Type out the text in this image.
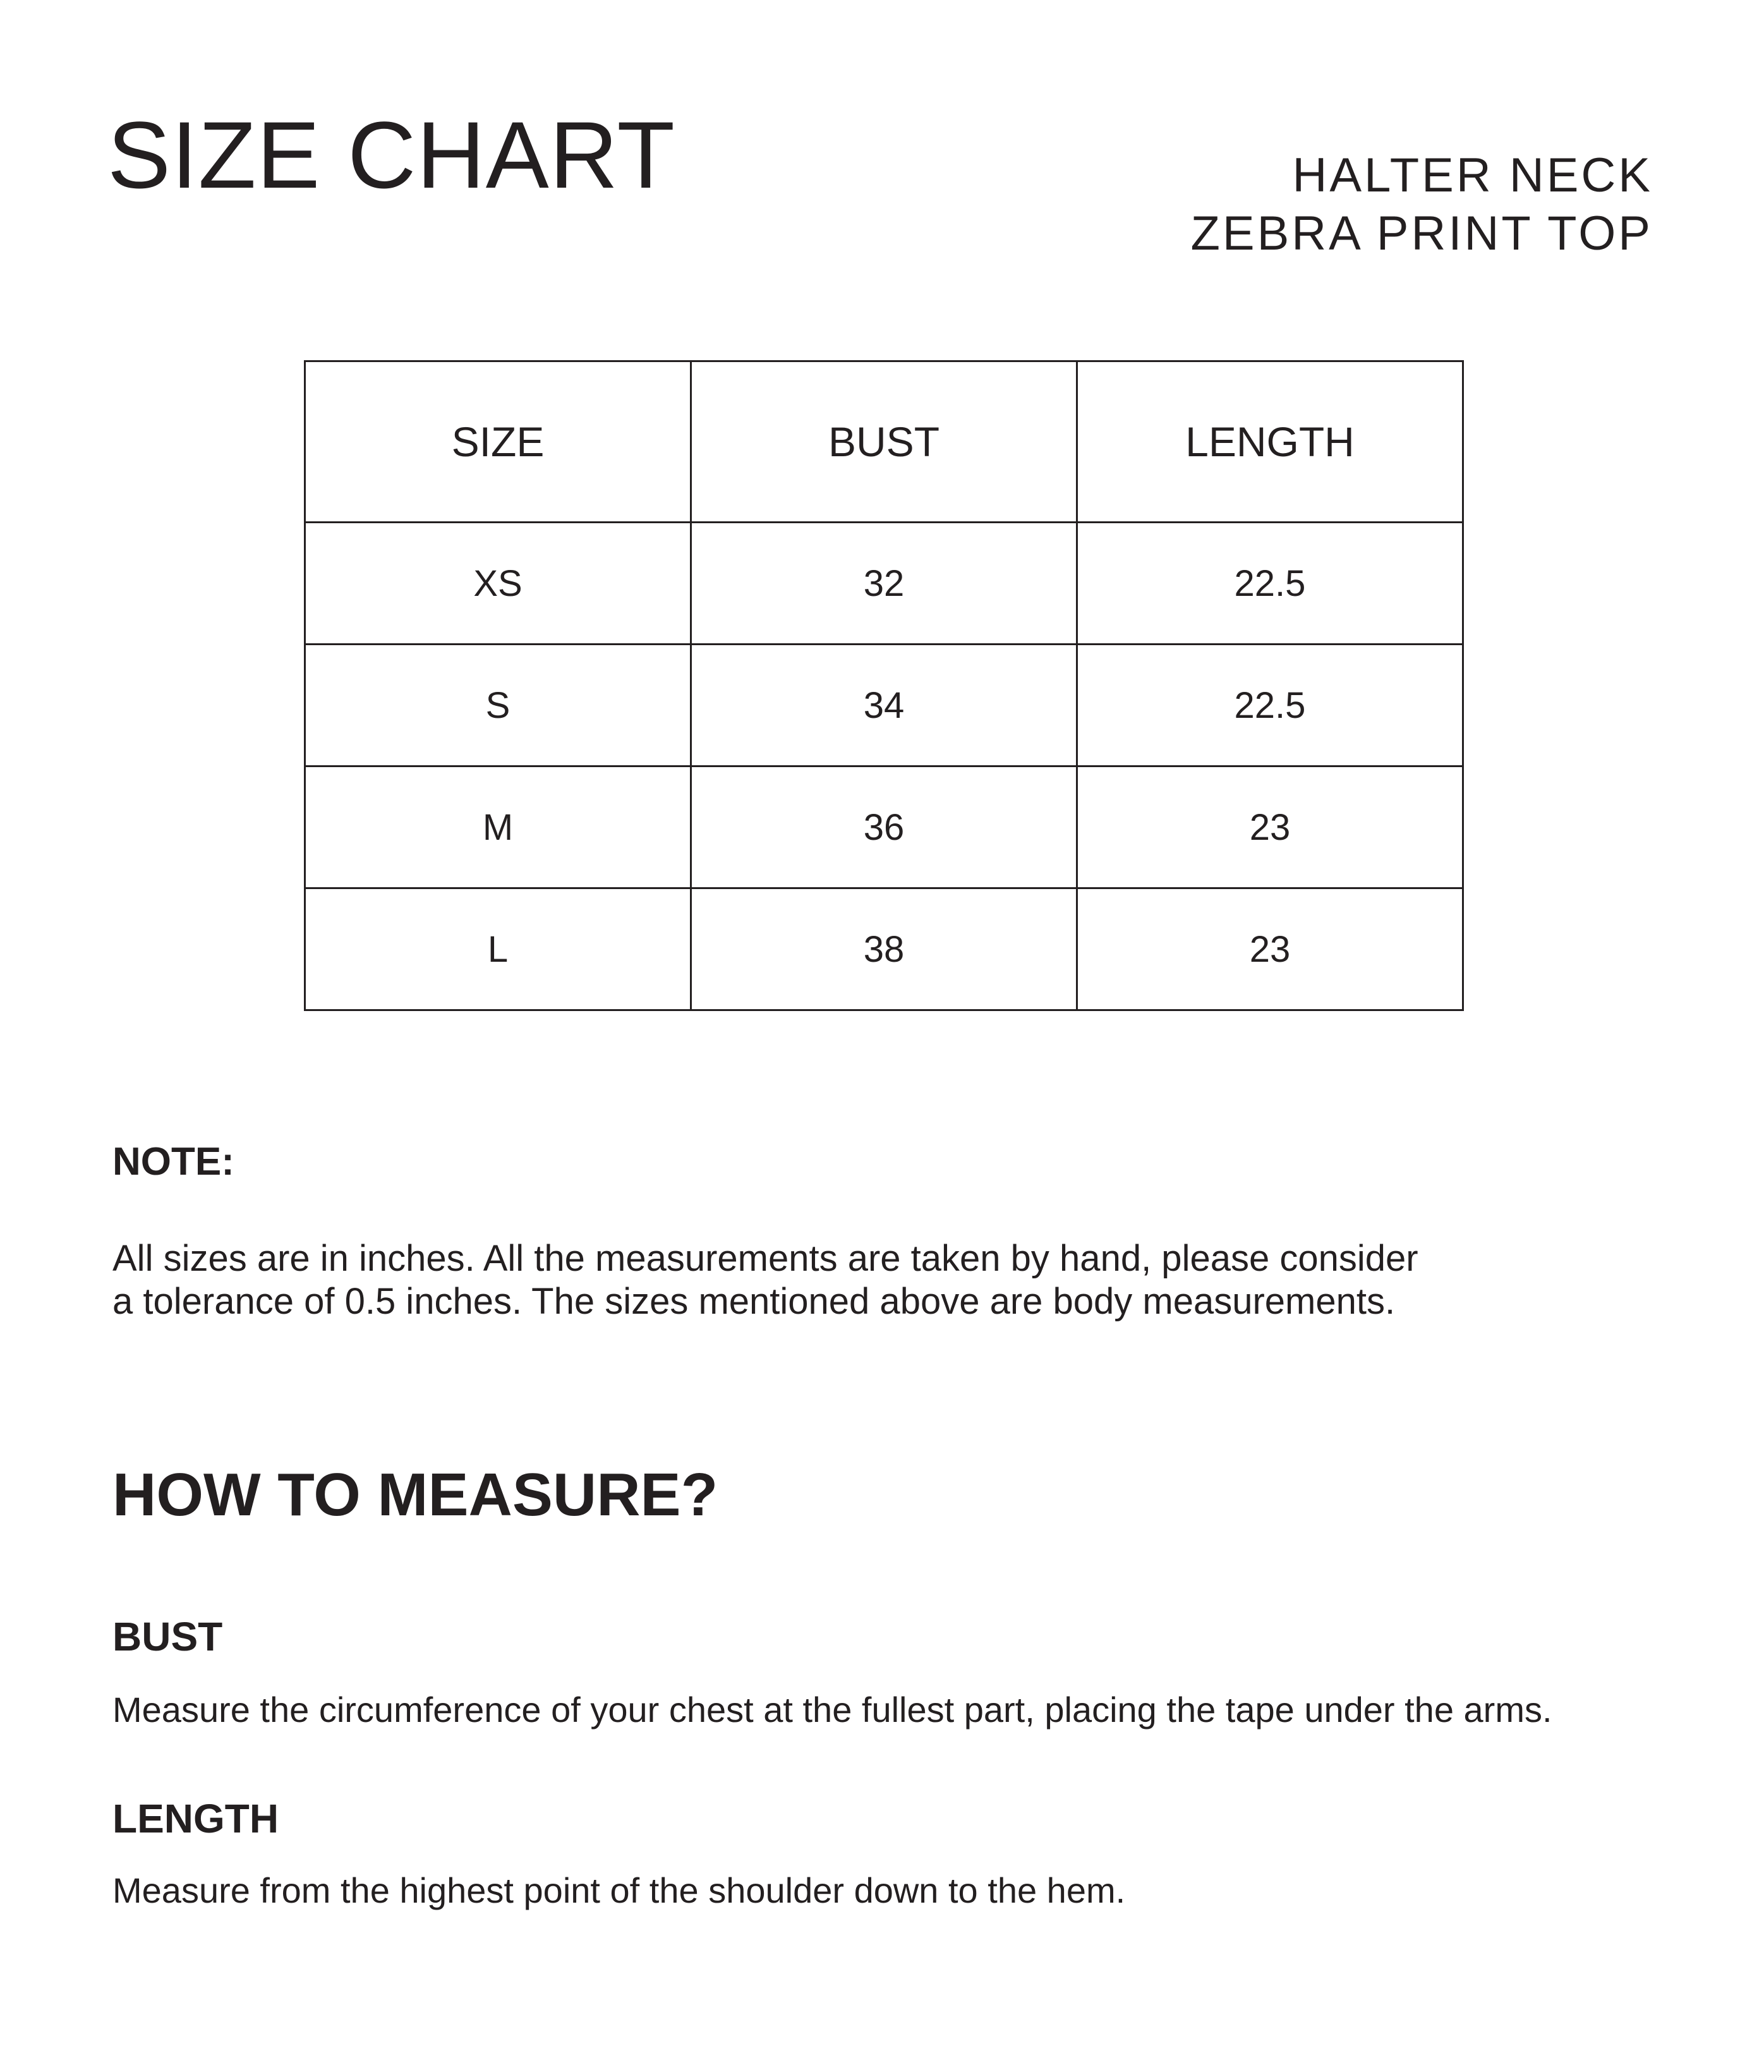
SIZE CHART	HALTER NECK
ZEBRA PRINT TOP
SIZE	BUST	LENGTH
XS	32	22.5
S	34	22.5
M	36	23
L	38	23
NOTE:

All sizes are in inches. All the measurements are taken by hand, please consider
a tolerance of 0.5 inches. The sizes mentioned above are body measurements.

HOW TO MEASURE?
BUST

Measure the circumference of your chest at the fullest part, placing the tape under the arms.

LENGTH

Measure from the highest point of the shoulder down to the hem.
